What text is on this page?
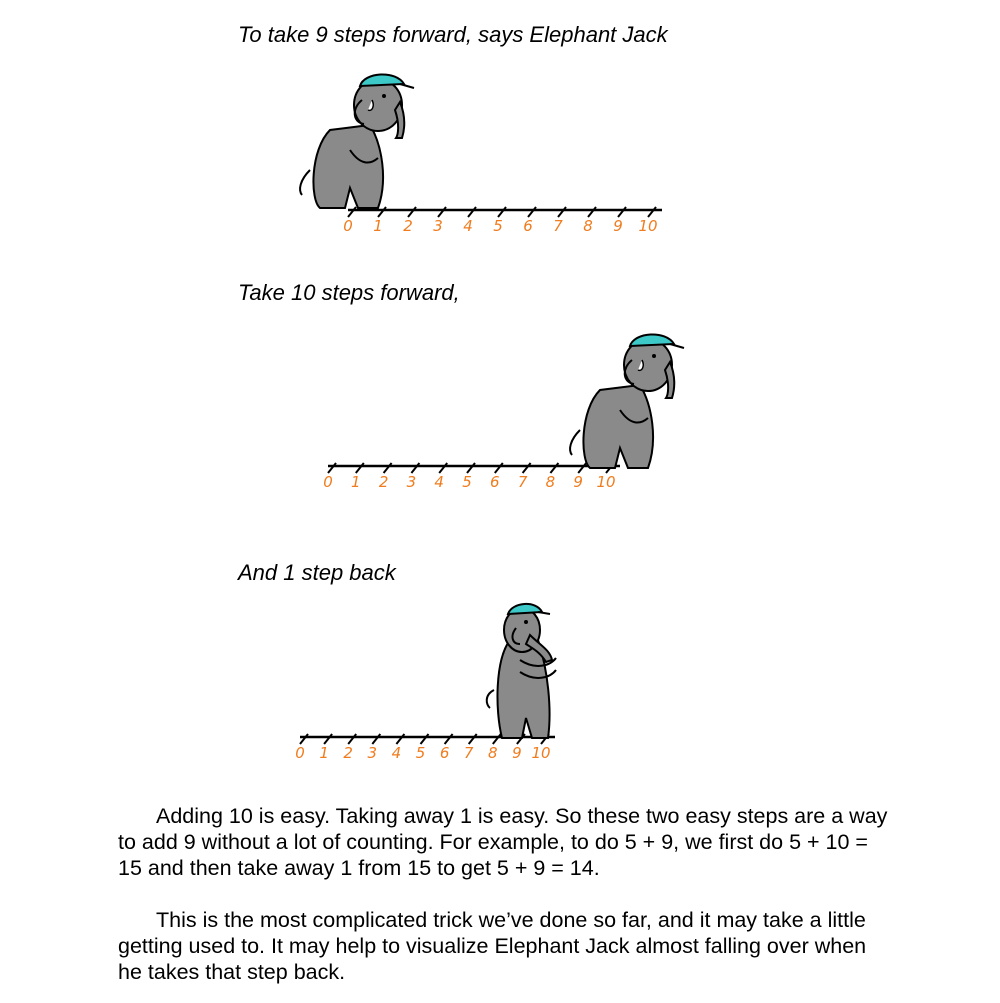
To take 9 steps forward, says Elephant Jack
0 1 2 3 4 5 6 7 8 9 10
Take 10 steps forward,
0 1 2 3 4 5 6 7 8 9 10
And 1 step back
0 1 2 3 4 5 6 7 8 9 10

Adding 10 is easy. Taking away 1 is easy. So these two easy steps are a way to add 9 without a lot of counting. For example, to do 5 + 9, we first do 5 + 10 = 15 and then take away 1 from 15 to get 5 + 9 = 14.

This is the most complicated trick we’ve done so far, and it may take a little getting used to. It may help to visualize Elephant Jack almost falling over when he takes that step back.
